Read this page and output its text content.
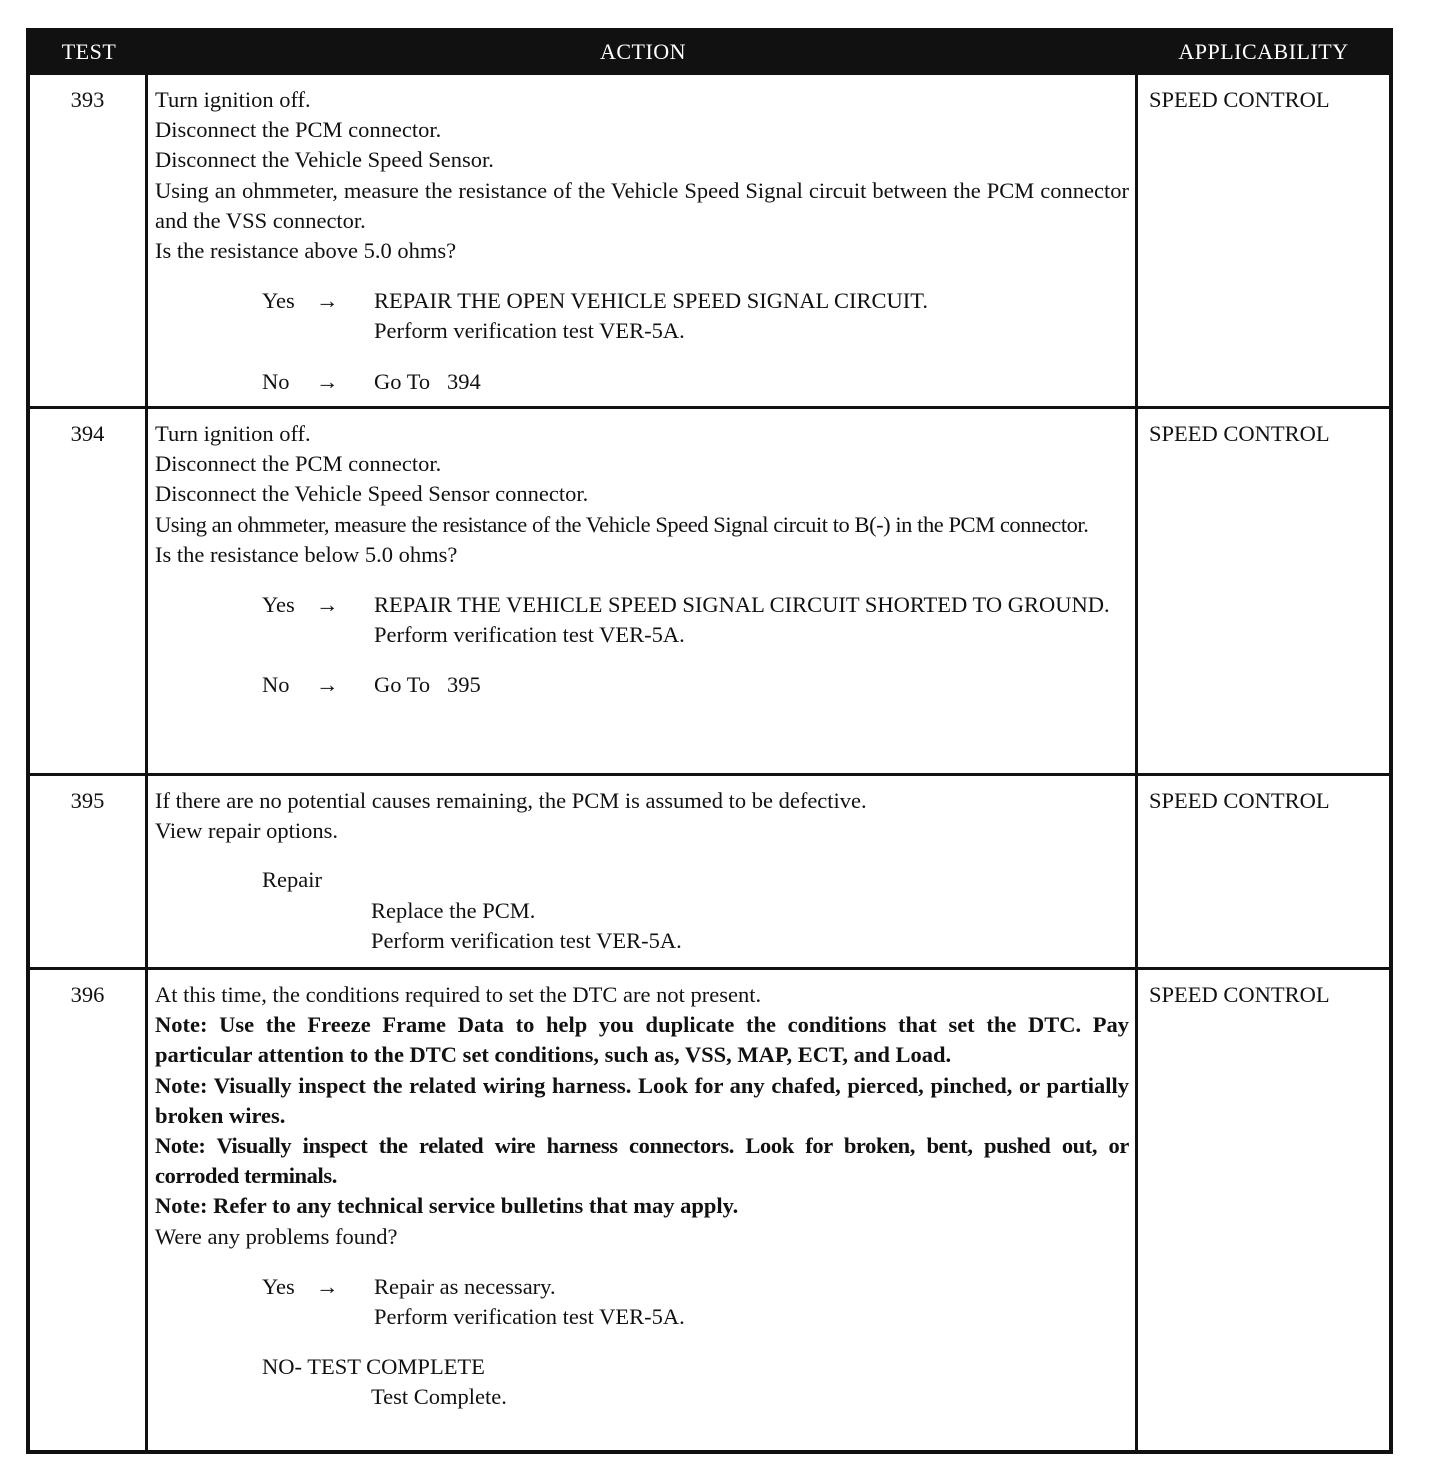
TEST	ACTION	APPLICABILITY
393	Turn ignition off.
Disconnect the PCM connector.
Disconnect the Vehicle Speed Sensor.
Using an ohmmeter, measure the resistance of the Vehicle Speed Signal circuit between the PCM connector and the VSS connector.
Is the resistance above 5.0 ohms?
Yes →	REPAIR THE OPEN VEHICLE SPEED SIGNAL CIRCUIT.
Perform verification test VER-5A.
No	→	Go To   394
SPEED CONTROL
394	Turn ignition off.
Disconnect the PCM connector.
Disconnect the Vehicle Speed Sensor connector.
Using an ohmmeter, measure the resistance of the Vehicle Speed Signal circuit to B(-) in the PCM connector.
Is the resistance below 5.0 ohms?
Yes →	REPAIR THE VEHICLE SPEED SIGNAL CIRCUIT SHORTED TO GROUND.
Perform verification test VER-5A.
No	→	Go To   395
SPEED CONTROL
395	If there are no potential causes remaining, the PCM is assumed to be defective.
View repair options.
Repair
Replace the PCM.
Perform verification test VER-5A.
SPEED CONTROL
396	At this time, the conditions required to set the DTC are not present.
Note: Use the Freeze Frame Data to help you duplicate the conditions that set the DTC. Pay particular attention to the DTC set conditions, such as, VSS, MAP, ECT, and Load.
Note: Visually inspect the related wiring harness. Look for any chafed, pierced, pinched, or partially broken wires.
Note: Visually inspect the related wire harness connectors. Look for broken, bent, pushed out, or corroded terminals.
Note: Refer to any technical service bulletins that may apply.
Were any problems found?
Yes →	Repair as necessary.
Perform verification test VER-5A.
NO- TEST COMPLETE
Test Complete.
SPEED CONTROL
